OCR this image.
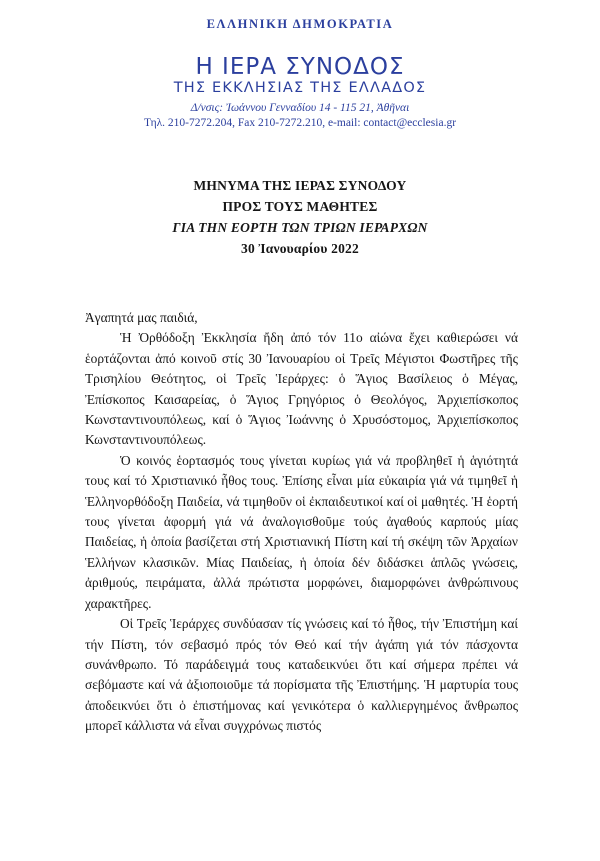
ΕΛΛΗΝΙΚΗ ΔΗΜΟΚΡΑΤΙΑ
Η ΙΕΡΑ ΣΥΝΟΔΟΣ
ΤΗΣ ΕΚΚΛΗΣΙΑΣ ΤΗΣ ΕΛΛΑΔΟΣ
Δ/νσις: Ἰωάννου Γενναδίου 14 - 115 21, Ἀθῆναι
Τηλ. 210-7272.204, Fax 210-7272.210, e-mail: contact@ecclesia.gr
ΜΗΝΥΜΑ ΤΗΣ ΙΕΡΑΣ ΣΥΝΟΔΟΥ
ΠΡΟΣ ΤΟΥΣ ΜΑΘΗΤΕΣ
ΓΙΑ ΤΗΝ ΕΟΡΤΗ ΤΩΝ ΤΡΙΩΝ ΙΕΡΑΡΧΩΝ
30 Ἰανουαρίου 2022

Ἀγαπητά μας παιδιά,

Ἡ Ὀρθόδοξη Ἐκκλησία ἤδη ἀπό τόν 11ο αἰώνα ἔχει καθιερώσει νά ἑορτάζονται ἀπό κοινοῦ στίς 30 Ἰανουαρίου οἱ Τρεῖς Μέγιστοι Φωστῆρες τῆς Τρισηλίου Θεότητος, οἱ Τρεῖς Ἱεράρχες: ὁ Ἅγιος Βασίλειος ὁ Μέγας, Ἐπίσκοπος Καισαρείας, ὁ Ἅγιος Γρηγόριος ὁ Θεολόγος, Ἀρχιεπίσκοπος Κωνσταντινουπόλεως, καί ὁ Ἅγιος Ἰωάννης ὁ Χρυσόστομος, Ἀρχιεπίσκοπος Κωνσταντινουπόλεως.

Ὁ κοινός ἑορτασμός τους γίνεται κυρίως γιά νά προβληθεῖ ἡ ἁγιότητά τους καί τό Χριστιανικό ἦθος τους. Ἐπίσης εἶναι μία εὐκαιρία γιά νά τιμηθεῖ ἡ Ἑλληνορθόδοξη Παιδεία, νά τιμηθοῦν οἱ ἐκπαιδευτικοί καί οἱ μαθητές. Ἡ ἑορτή τους γίνεται ἀφορμή γιά νά ἀναλογισθοῦμε τούς ἀγαθούς καρπούς μίας Παιδείας, ἡ ὁποία βασίζεται στή Χριστιανική Πίστη καί τή σκέψη τῶν Ἀρχαίων Ἑλλήνων κλασικῶν. Μίας Παιδείας, ἡ ὁποία δέν διδάσκει ἁπλῶς γνώσεις, ἀριθμούς, πειράματα, ἀλλά πρώτιστα μορφώνει, διαμορφώνει ἀνθρώπινους χαρακτῆρες.

Οἱ Τρεῖς Ἱεράρχες συνδύασαν τίς γνώσεις καί τό ἦθος, τήν Ἐπιστήμη καί τήν Πίστη, τόν σεβασμό πρός τόν Θεό καί τήν ἀγάπη γιά τόν πάσχοντα συνάνθρωπο. Τό παράδειγμά τους καταδεικνύει ὅτι καί σήμερα πρέπει νά σεβόμαστε καί νά ἀξιοποιοῦμε τά πορίσματα τῆς Ἐπιστήμης. Ἡ μαρτυρία τους ἀποδεικνύει ὅτι ὁ ἐπιστήμονας καί γενικότερα ὁ καλλιεργημένος ἄνθρωπος μπορεῖ κάλλιστα νά εἶναι συγχρόνως πιστός
